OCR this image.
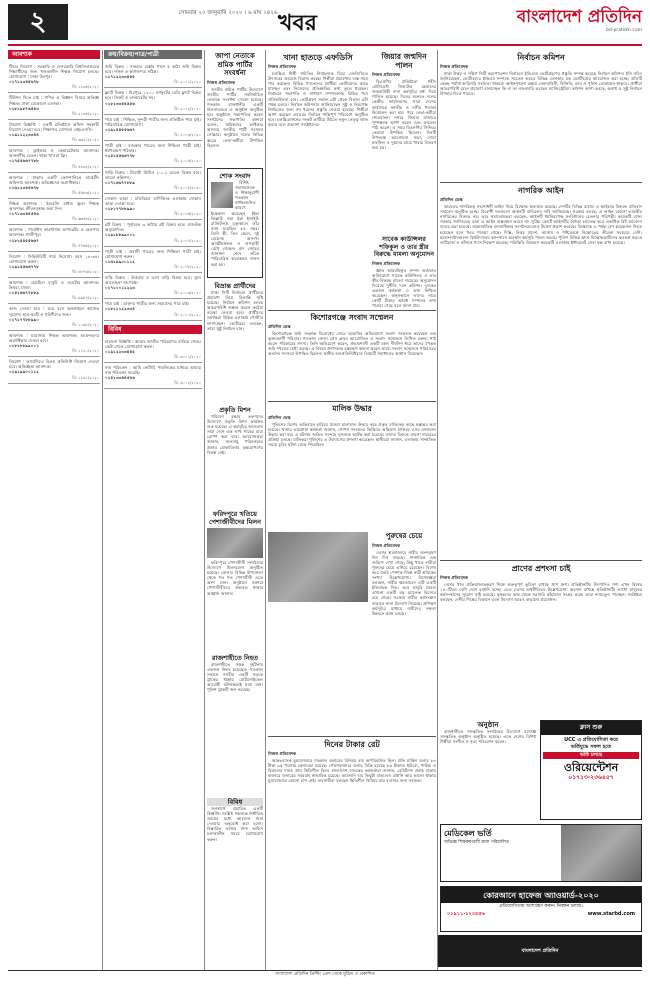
২	সোমবার ২০ জানুয়ারি ২০২০ । ৬ মাঘ ১৪২৬ খবর	বাংলাদেশ প্রতিদিন
bd-pratidin.com
আবশ্যক

টিচার নিয়োগ : সরকারি ও বেসরকারি বিশ্ববিদ্যালয়ের শিক্ষার্থীদের জন্য খণ্ডকালীন শিক্ষক নিয়োগ চলছে। যোগাযোগ : ঢাকা মিরপুর।

০১৭১২৩৪৫৬৭৮
বি: ১২৩৪/২০২০

টিউশন দিতে চাই : গণিত ও বিজ্ঞান বিষয়ে অভিজ্ঞ শিক্ষক। ঢাকা যেকোনো এলাকা।

০১৮১৯৮৭৬৫৪৩
বি: ২১৩৪/২০২০

নিয়োগ বিজ্ঞপ্তি : একটি প্রতিষ্ঠানে অফিস সহকারী নিয়োগ দেওয়া হবে। শিক্ষাগত যোগ্যতা এইচএসসি।

০১৯১১২২৩৩৪৪
বি: ৩৩২১/২০২০

আবশ্যক : ড্রাইভার ও কেয়ারটেকার আবশ্যক। আকর্ষণীয় বেতন। থাকা খাওয়া ফ্রি।

০১৭৫৫৬৬৭৭৮৮
বি: ৪৪৩২/২০২০

আবশ্যক : ঢাকায় একটি কোম্পানিতে মার্কেটিং অফিসার আবশ্যক। অভিজ্ঞদের অগ্রাধিকার।

০১৬১২৩৪৫৬৭৮
বি: ৫৫৪৩/২০২০

শিক্ষক আবশ্যক : ইংরেজি মাধ্যম স্কুলে শিক্ষক আবশ্যক। জীবনবৃত্তান্ত জমা দিন।

০১৭১৩৩৪৪৫৫৬
বি: ৬৬৫৪/২০২০

আবশ্যক : গার্মেন্টস কারখানায় অপারেটর ও হেলপার আবশ্যক। গাজীপুর।

০১৮১৪৪৫৫৬৬৭
বি: ৭৭৬৫/২০২০

নিয়োগ : সিকিউরিটি গার্ড নিয়োগ। বয়স ১৮-৩৫। যোগাযোগ করুন।

০১৯১৫৫৬৬৭৭৮
বি: ৮৮৭৬/২০২০

আবশ্যক : হোটেলে বাবুর্চি ও ওয়েটার আবশ্যক। উত্তরা, ঢাকা।

০১৫১৬৬৭৭৮৮৯
বি: ৯৯৮৭/২০২০

কাজ দেওয়া হবে : ঘরে বসে অনলাইনে কাজের সুযোগ। ছাত্র-ছাত্রী ও গৃহিণীদের জন্য।

০১৭১৭৭৮৮৯৯০
বি: ১০৯৮/২০২০

আবশ্যক : মাদ্রাসায় শিক্ষক আবশ্যক। হাফেজদের অগ্রাধিকার দেওয়া হবে।

০১৮১৮৮৯৯০০১
বি: ১১২০/২০২০

নিয়োগ : ফার্মেসিতে বিক্রয় প্রতিনিধি নিয়োগ দেওয়া হবে। অভিজ্ঞতা আবশ্যক।

০১৯১৯৯০০১১২
বি: ১২৩১/২০২০
ক্রয়/বিক্রয়/পাত্র/পাত্রী

জমি বিক্রয় : সাভারে রাস্তার পাশে ৫ কাঠা জমি বিক্রয় হবে। দলিল ও কাগজপত্র সঠিক।

০১৭১২২৩৩৪৪৫
বি: ২০০১/২০২০

ফ্ল্যাট বিক্রয় : মিরপুরে ১২০০ বর্গফুটের রেডি ফ্ল্যাট বিক্রয় হবে। লিফট ও জেনারেটর সহ।

০১৮১৩৩৪৪৫৫৬
বি: ২০০২/২০২০

পাত্র চাই : শিক্ষিত, সুন্দরী পাত্রীর জন্য প্রতিষ্ঠিত পাত্র চাই। পারিবারিক যোগাযোগ।

০১৯১৪৪৫৫৬৬৭
বি: ২০০৩/২০২০

পাত্রী চাই : ব্যাংকার পাত্রের জন্য শিক্ষিতা পাত্রী চাই। ধর্মপরায়ণ পরিবার।

০১৫১৫৫৬৬৭৭৮
বি: ২০০৪/২০২০

গাড়ি বিক্রয় : টয়োটা প্রিমিও ২০১২ মডেল বিক্রয় হবে। ভালো কন্ডিশন।

০১৭১৬৬৭৭৮৮৯
বি: ২০০৫/২০২০

দোকান ভাড়া : মতিঝিলে বাণিজ্যিক এলাকায় দোকান ভাড়া দেওয়া হবে।

০১৮১৭৭৮৮৯৯০
বি: ২০০৬/২০২০

প্লট বিক্রয় : পূর্বাচলে ৩ কাঠার প্লট বিক্রয় হবে। রাজউক অনুমোদিত।

০১৯১৮৮৯৯০০১
বি: ২০০৭/২০২০

পাত্রী চাই : প্রবাসী পাত্রের জন্য শিক্ষিতা পাত্রী চাই। যোগাযোগ করুন।

০১৬১৯৯০০১১২
বি: ২০০৮/২০২০

বাড়ি বিক্রয় : উত্তরায় ৫ তলা বাড়ি বিক্রয় হবে। মূল্য আলোচনা সাপেক্ষে।

০১৭১০০১১২২৩
বি: ২০০৯/২০২০

পাত্র চাই : ডাক্তার পাত্রীর জন্য সমমানের পাত্র চাই।

০১৮১১১২২৩৩৪
বি: ২০১০/২০২০
বিবিধ

হারানো বিজ্ঞপ্তি : আমার জাতীয় পরিচয়পত্র হারিয়ে গেছে। কেউ পেলে যোগাযোগ করুন।

০১৯১২২৩৩৪৪৫
বি: ৩০০১/২০২০

নাম পরিবর্তন : আমি নোটারি পাবলিকের মাধ্যমে আমার নাম পরিবর্তন করেছি।

০১৫১৩৩৪৪৫৫৬
বি: ৩০০২/২০২০
জাপা নেতাকে শ্রমিক পার্টির সংবর্ধনা
নিজস্ব প্রতিবেদক

জাতীয় শ্রমিক পার্টির উদ্যোগে জাতীয় পার্টির নবনির্বাচিত নেতাকে সংবর্ধনা দেওয়া হয়েছে। গতকাল রাজধানীর একটি মিলনায়তনে এ অনুষ্ঠান অনুষ্ঠিত হয়। অনুষ্ঠানে সভাপতিত্ব করেন সংগঠনের সভাপতি। বক্তারা বলেন, শ্রমিকদের অধিকার আদায়ে জাতীয় পার্টি সবসময় সোচ্চার। অনুষ্ঠানে দলের বিভিন্ন স্তরের নেতা-কর্মীরা উপস্থিত ছিলেন।

শোক সংবাদ

বিশিষ্ট সমাজসেবক ও শিক্ষানুরাগী গতকাল বার্ধক্যজনিত কারণে ইন্তেকাল করেছেন (ইন্না লিল্লাহি ওয়া ইন্না ইলাইহি রাজিউন)। মৃত্যুকালে তাঁর বয়স হয়েছিল ৮৫ বছর। তিনি স্ত্রী, তিন ছেলে, দুই মেয়েসহ অসংখ্য আত্মীয়স্বজন ও গুণগ্রাহী রেখে গেছেন। বাদ জোহর জানাজা শেষে তাঁকে পারিবারিক কবরস্থানে দাফন করা হয়।

বিভ্রান্ত প্রার্থীদের

ঢাকা সিটি নির্বাচনে প্রার্থীদের প্রচারণা নিয়ে বিভ্রান্তি সৃষ্টি হয়েছে। নির্বাচন কমিশন বলছে আচরণবিধি লঙ্ঘন করলে কঠোর ব্যবস্থা নেওয়া হবে। প্রার্থীদের সমর্থকরা বিভিন্ন এলাকায় পোস্টার লাগাচ্ছেন। ভোটাররা বলছেন, তারা সুষ্ঠু নির্বাচন চান।

প্রকৃতি মিশন

পরিবেশ রক্ষায় তরুণদের উদ্যোগে প্রকৃতি মিশন কার্যক্রম শুরু হয়েছে। এ কর্মসূচির আওতায় সারা দেশে এক লাখ গাছের চারা রোপণ করা হবে। আয়োজকরা জানান, জলবায়ু পরিবর্তনের প্রভাব মোকাবিলায় বৃক্ষরোপণের বিকল্প নেই।

ফরিদপুরে খতিয়ে পেশাজীবীদের মিলন

ফরিদপুরে পেশাজীবী সংগঠনের উদ্যোগে মিলনমেলা অনুষ্ঠিত হয়েছে। জেলার বিভিন্ন উপজেলা থেকে শত শত পেশাজীবী এতে অংশ নেন। অনুষ্ঠানে বক্তারা পেশাজীবীদের ঐক্যবদ্ধ থাকার আহ্বান জানান।

রাজশাহীতে নিহত

রাজশাহীতে সড়ক দুর্ঘটনায় একজন নিহত হয়েছেন। গতকাল সকালে নগরীর একটি সড়কে ট্রাকের ধাক্কায় মোটরসাইকেল আরোহী ঘটনাস্থলেই মারা যান। পুলিশ ট্রাকটি জব্দ করেছে।

বিবিধ

জনস্বার্থে প্রচারিত একটি বিজ্ঞপ্তি। সংশ্লিষ্ট সকলকে নির্ধারিত সময়ের মধ্যে আবেদন জমা দেওয়ার অনুরোধ করা হলো। বিস্তারিত তথ্যের জন্য অফিস চলাকালীন সময়ে যোগাযোগ করুন।

খানা হাতড়ে এফডিসি
নিজস্ব প্রতিবেদক

চলচ্চিত্র শিল্পী সমিতির নির্বাচনকে ঘিরে এফডিসিতে উৎসবের আমেজ বিরাজ করছে। শিল্পীরা প্রচারণায় ব্যস্ত সময় পার করছেন। বিভিন্ন প্যানেলের প্রার্থীরা ভোটারদের কাছে যাচ্ছেন এবং নিজেদের প্রতিশ্রুতির কথা তুলে ধরছেন। নির্বাচনে সভাপতি ও সাধারণ সম্পাদকসহ বিভিন্ন পদে প্রতিদ্বন্দ্বিতা হবে। ভোটগ্রহণ সকাল ৯টা থেকে বিকাল ৫টা পর্যন্ত চলবে। নির্বাচন কমিশনার জানিয়েছেন সুষ্ঠু ও নিরপেক্ষ নির্বাচনের জন্য সব ধরনের প্রস্তুতি নেওয়া হয়েছে। শিল্পীরা আশা করছেন এবারের নির্বাচন শান্তিপূর্ণ পরিবেশে অনুষ্ঠিত হবে। চলচ্চিত্রাঙ্গনের সংকট কাটিয়ে উঠতে নতুন নেতৃত্ব কাজ করবে বলে প্রত্যাশা সংশ্লিষ্টদের।

জিয়ার জন্মদিন পালন
নিজস্ব প্রতিবেদক

বিএনপির প্রতিষ্ঠাতা শহীদ প্রেসিডেন্ট জিয়াউর রহমানের জন্মবার্ষিকী নানা কর্মসূচির মধ্য দিয়ে পালিত হয়েছে। দিনের শুরুতে দলের কেন্দ্রীয় কার্যালয়সহ সারা দেশের কার্যালয়ে জাতীয় ও দলীয় পতাকা উত্তোলন করা হয়। পরে নেতা-কর্মীরা শেরেবাংলা নগরে জিয়ার মাজারে পুষ্পস্তবক অর্পণ করেন এবং ফাতেহা পাঠ করেন। এ সময় বিএনপির সিনিয়র নেতারা উপস্থিত ছিলেন। দিনটি উপলক্ষে আলোচনা সভা, দোয়া মাহফিল ও দুস্থদের মাঝে খাবার বিতরণ করা হয়।

সাবেক কাউন্সিলর শফিকুল ও তার স্ত্রীর বিরুদ্ধে মামলা অনুমোদন
নিজস্ব প্রতিবেদক

জ্ঞাত আয়বহির্ভূত সম্পদ অর্জনের অভিযোগে সাবেক কাউন্সিলর ও তার স্ত্রীর বিরুদ্ধে মামলা দায়েরের অনুমোদন দিয়েছে দুর্নীতি দমন কমিশন। দুদকের একজন কর্মকর্তা এ তথ্য নিশ্চিত করেছেন। অনুসন্ধানে তাদের নামে কোটি টাকার অবৈধ সম্পদের তথ্য পাওয়া গেছে বলে জানা যায়।

কিশোরগঞ্জে সংবাদ সম্মেলন
প্রতিদিন ডেস্ক

কিশোরগঞ্জে জমি সংক্রান্ত বিরোধের জেরে হয়রানির অভিযোগে সংবাদ সম্মেলন করেছেন এক ভুক্তভোগী পরিবার। গতকাল জেলা প্রেস ক্লাবে আয়োজিত এ সংবাদ সম্মেলনে লিখিত বক্তব্য পাঠ করেন পরিবারের সদস্য। তিনি অভিযোগ করেন, প্রভাবশালী একটি মহল দীর্ঘদিন ধরে তাদের পৈতৃক জমি দখলের চেষ্টা করছে। এ বিষয়ে প্রশাসনের হস্তক্ষেপ কামনা করেন তারা। সংবাদ সম্মেলনে পরিবারের অন্যান্য সদস্যরা উপস্থিত ছিলেন। স্থানীয় জনপ্রতিনিধিরাও বিষয়টি সমাধানের আশ্বাস দিয়েছেন।

মালিক উদ্ধার
প্রতিদিন ডেস্ক

পুলিশের বিশেষ অভিযানে হারিয়ে যাওয়া মালামাল উদ্ধার করে প্রকৃত মালিকের কাছে হস্তান্তর করা হয়েছে। থানার ভারপ্রাপ্ত কর্মকর্তা জানান, গোপন সংবাদের ভিত্তিতে অভিযান চালিয়ে এসব মালামাল উদ্ধার করা হয়। এ ঘটনায় জড়িত সন্দেহে দুজনকে আটক করা হয়েছে। তাদের বিরুদ্ধে মামলা দায়েরের প্রক্রিয়া চলছে। মালিকরা পুলিশের এ উদ্যোগের প্রশংসা করেছেন। স্থানীয়রা জানান, এলাকায় সাম্প্রতিক সময়ে চুরির ঘটনা বেড়ে গিয়েছিল।

পুরুষের চেয়ে
নিজস্ব প্রতিবেদক

দেশের শ্রমবাজারে নারীর অংশগ্রহণ দিন দিন বাড়ছে। সাম্প্রতিক এক জরিপে দেখা গেছে, কিছু খাতে নারীরা পুরুষের চেয়ে এগিয়ে রয়েছেন। বিশেষ করে তৈরি পোশাক শিল্পে নারী শ্রমিকের সংখ্যা উল্লেখযোগ্য। বিশেষজ্ঞরা বলছেন, নারীর ক্ষমতায়নে এটি একটি ইতিবাচক দিক। তবে মজুরি বৈষম্য এখনো একটি বড় চ্যালেঞ্জ হিসেবে রয়ে গেছে। সরকার নারীর কর্মসংস্থান বাড়াতে নানা উদ্যোগ নিয়েছে। প্রশিক্ষণ কর্মসূচির মাধ্যমে নারীদের দক্ষতা উন্নয়নে কাজ চলছে।

দিনের টাকার রেট
নিজস্ব প্রতিবেদক

আন্তঃব্যাংক মুদ্রাবাজারে গতকাল ডলারের বিনিময় হার অপরিবর্তিত ছিল। প্রতি মার্কিন ডলার ৮৪ টাকা ৯৫ পয়সায় কেনাবেচা হয়েছে। খোলাবাজারে ডলার বিক্রি হয়েছে ৮৬ টাকায়। ইউরো, পাউন্ড ও রিয়ালের দামও প্রায় স্থিতিশীল ছিল। বাংলাদেশ ব্যাংকের কর্মকর্তারা জানান, রেমিট্যান্স প্রবাহ বাড়ায় বাজারে ডলারের সরবরাহ স্বাভাবিক রয়েছে। আমদানি ব্যয় কিছুটা বাড়লেও রপ্তানি আয় ভালো থাকায় মুদ্রাবাজারে কোনো চাপ নেই। ব্যবসায়ীরা বলছেন স্থিতিশীল বিনিময় হার ব্যবসার জন্য সহায়ক।

নির্বাচন কমিশন
নিজস্ব প্রতিবেদক

ঢাকা উত্তর ও দক্ষিণ সিটি করপোরেশন নির্বাচনে ইভিএমে ভোটগ্রহণের প্রস্তুতি সম্পন্ন করেছে নির্বাচন কমিশন। ইসি সচিব জানিয়েছেন, ভোটারদের ইভিএম সম্পর্কে সচেতন করতে বিভিন্ন এলাকায় মক ভোটিংয়ের আয়োজন করা হচ্ছে। প্রতিটি কেন্দ্রে পর্যাপ্ত কারিগরি সহায়তা থাকবে। আইনশৃঙ্খলা রক্ষায় সেনাবাহিনী, বিজিবি, র‍্যাব ও পুলিশ মোতায়েন থাকবে। প্রার্থীরা আচরণবিধি মেনে প্রচারণা চালাচ্ছেন কি না তা নজরদারি করছেন ম্যাজিস্ট্রেটরা। কমিশন আশা করছে, অবাধ ও সুষ্ঠু নির্বাচন উপহার দিতে পারবে।

নাগরিক আইন
প্রতিদিন ডেস্ক

ভারতের নাগরিকত্ব সংশোধনী আইন নিয়ে বিক্ষোভ অব্যাহত রয়েছে। দেশটির বিভিন্ন রাজ্যে এ আইনের বিরুদ্ধে প্রতিবাদ সমাবেশ অনুষ্ঠিত হচ্ছে। বিরোধী দলগুলো আইনটি বাতিলের দাবি জানিয়েছে। সরকার বলছে, এ আইন কোনো ভারতীয় নাগরিকের বিরুদ্ধে নয়। তবে সমালোচকরা বলছেন, আইনটি ধর্মনিরপেক্ষ সংবিধানের চেতনার পরিপন্থী। কয়েকটি রাজ্য সরকার জানিয়েছে তারা এ আইন বাস্তবায়ন করবে না। সুপ্রিম কোর্টে আইনটির বৈধতা চ্যালেঞ্জ করে একাধিক রিট আবেদন দায়ের করা হয়েছে। আন্তর্জাতিক মানবাধিকার সংগঠনগুলোও উদ্বেগ প্রকাশ করেছে। বিক্ষোভে এ পর্যন্ত বেশ কয়েকজন নিহত হয়েছেন বলে খবর পাওয়া গেছে। দিল্লি, উত্তর প্রদেশ, আসাম ও পশ্চিমবঙ্গে বিক্ষোভের তীব্রতা সবচেয়ে বেশি। ছাত্রসংগঠনগুলো বিশ্ববিদ্যালয় ক্যাম্পাসে অবস্থান কর্মসূচি পালন করছে। পুলিশ বিভিন্ন স্থানে বিক্ষোভকারীদের ছত্রভঙ্গ করতে লাঠিচার্জ ও কাঁদানে গ্যাস নিক্ষেপ করেছে। পরিস্থিতি নিয়ন্ত্রণে কয়েকটি এলাকায় ইন্টারনেট সেবা বন্ধ রাখা হয়েছে।

প্রাণের প্রশংসা চাই
নিজস্ব প্রতিবেদক

দেশের খাদ্য প্রক্রিয়াজাতকরণ শিল্পে গুরুত্বপূর্ণ ভূমিকা রাখছে প্রাণ গ্রুপ। প্রতিষ্ঠানটির উৎপাদিত পণ্য এখন বিশ্বের ১৪০টিরও বেশি দেশে রপ্তানি হচ্ছে। এতে দেশের অর্থনীতিতে উল্লেখযোগ্য অবদান রাখছে প্রতিষ্ঠানটি। লাখো মানুষের কর্মসংস্থানের সুযোগ সৃষ্টি হয়েছে। কৃষকদের কাছ থেকে সরাসরি কাঁচামাল সংগ্রহ করায় তারা ন্যায্যমূল্য পাচ্ছেন। সংশ্লিষ্টরা বলছেন, দেশীয় শিল্পের বিকাশে এমন উদ্যোগ আরও বাড়ানো প্রয়োজন।

ক্লাস শুরু
UCC এ প্রতিযোগিতা করে
ভর্তিযুদ্ধে সফল হতে
ভর্তি চলছে
ওরিয়েন্টেশন
০১৭১৩-২৩৬৪৫৭
অনুষ্ঠান

রাজধানীতে সাংস্কৃতিক সংগঠনের উদ্যোগে মনোজ্ঞ সাংস্কৃতিক অনুষ্ঠান অনুষ্ঠিত হয়েছে। এতে দেশের বিশিষ্ট শিল্পীরা সংগীত ও নৃত্য পরিবেশন করেন।

মেডিকেল ভর্তি
অভিজ্ঞ শিক্ষকমণ্ডলী দ্বারা পরিচালিত
কোরআনে হাফেজ অ্যাওয়ার্ড-২০২০
প্রতিযোগিতায় অংশগ্রহণ করুন। নিবন্ধন চলছে।
০১৯১১-১২৩৪৫৬	www.starbd.com
বাংলাদেশ প্রতিদিন
বাংলাদেশ প্রতিদিন প্রিন্টিং প্রেস থেকে মুদ্রিত ও প্রকাশিত
